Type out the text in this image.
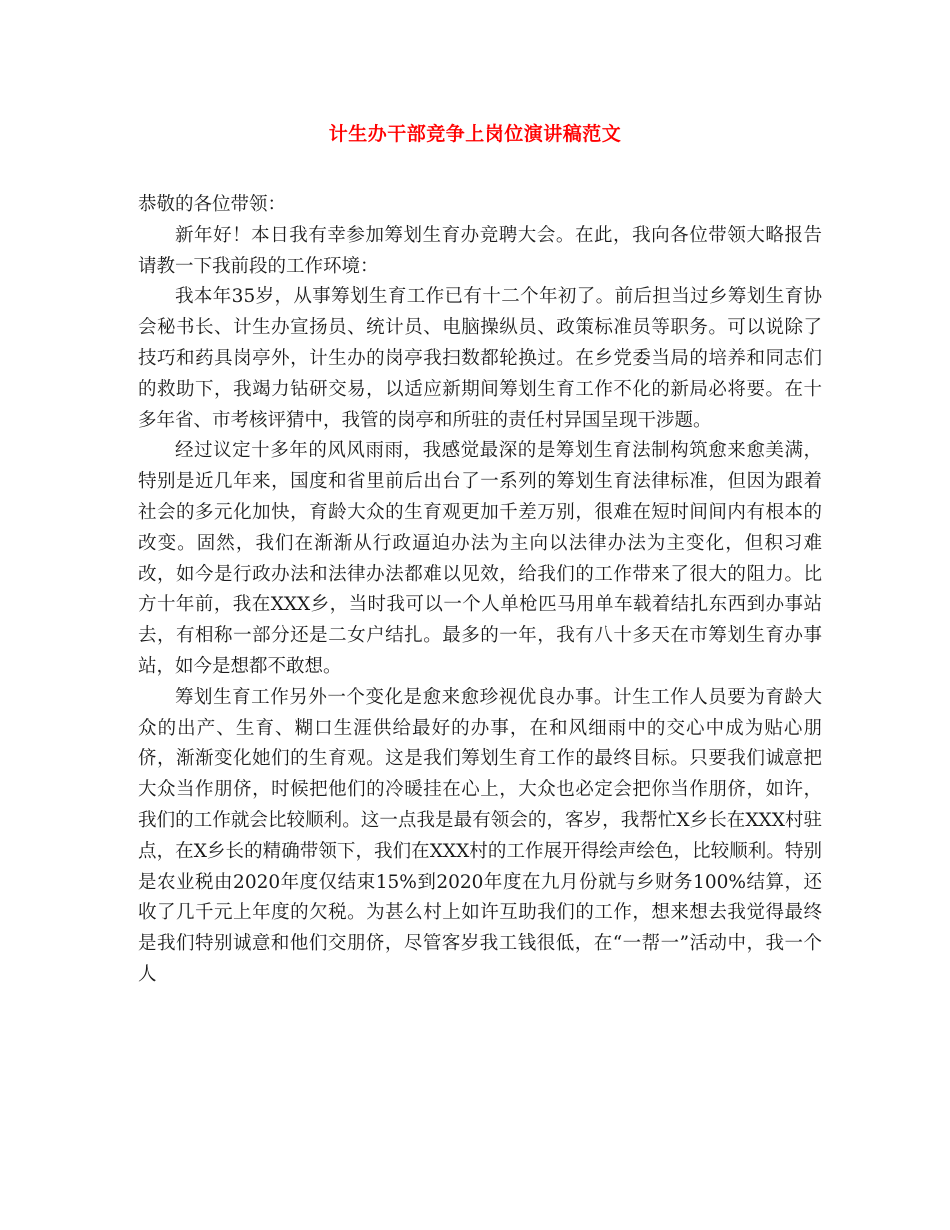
计生办干部竞争上岗位演讲稿范文

恭敬的各位带领：

新年好！本日我有幸参加筹划生育办竞聘大会。在此，我向各位带领大略报告请教一下我前段的工作环境：

我本年35岁，从事筹划生育工作已有十二个年初了。前后担当过乡筹划生育协会秘书长、计生办宣扬员、统计员、电脑操纵员、政策标准员等职务。可以说除了技巧和药具岗亭外，计生办的岗亭我扫数都轮换过。在乡党委当局的培养和同志们的救助下，我竭力钻研交易，以适应新期间筹划生育工作不化的新局必将要。在十多年省、市考核评猜中，我管的岗亭和所驻的责任村异国呈现干涉题。

经过议定十多年的风风雨雨，我感觉最深的是筹划生育法制构筑愈来愈美满，特别是近几年来，国度和省里前后出台了一系列的筹划生育法律标准，但因为跟着社会的多元化加快，育龄大众的生育观更加千差万别，很难在短时间间内有根本的改变。固然，我们在渐渐从行政逼迫办法为主向以法律办法为主变化，但积习难改，如今是行政办法和法律办法都难以见效，给我们的工作带来了很大的阻力。比方十年前，我在XXX乡，当时我可以一个人单枪匹马用单车载着结扎东西到办事站去，有相称一部分还是二女户结扎。最多的一年，我有八十多天在市筹划生育办事站，如今是想都不敢想。

筹划生育工作另外一个变化是愈来愈珍视优良办事。计生工作人员要为育龄大众的出产、生育、糊口生涯供给最好的办事，在和风细雨中的交心中成为贴心朋侪，渐渐变化她们的生育观。这是我们筹划生育工作的最终目标。只要我们诚意把大众当作朋侪，时候把他们的冷暖挂在心上，大众也必定会把你当作朋侪，如许，我们的工作就会比较顺利。这一点我是最有领会的，客岁，我帮忙X乡长在XXX村驻点，在X乡长的精确带领下，我们在XXX村的工作展开得绘声绘色，比较顺利。特别是农业税由2020年度仅结束15%到2020年度在九月份就与乡财务100%结算，还收了几千元上年度的欠税。为甚么村上如许互助我们的工作，想来想去我觉得最终是我们特别诚意和他们交朋侪，尽管客岁我工钱很低，在“一帮一”活动中，我一个人
